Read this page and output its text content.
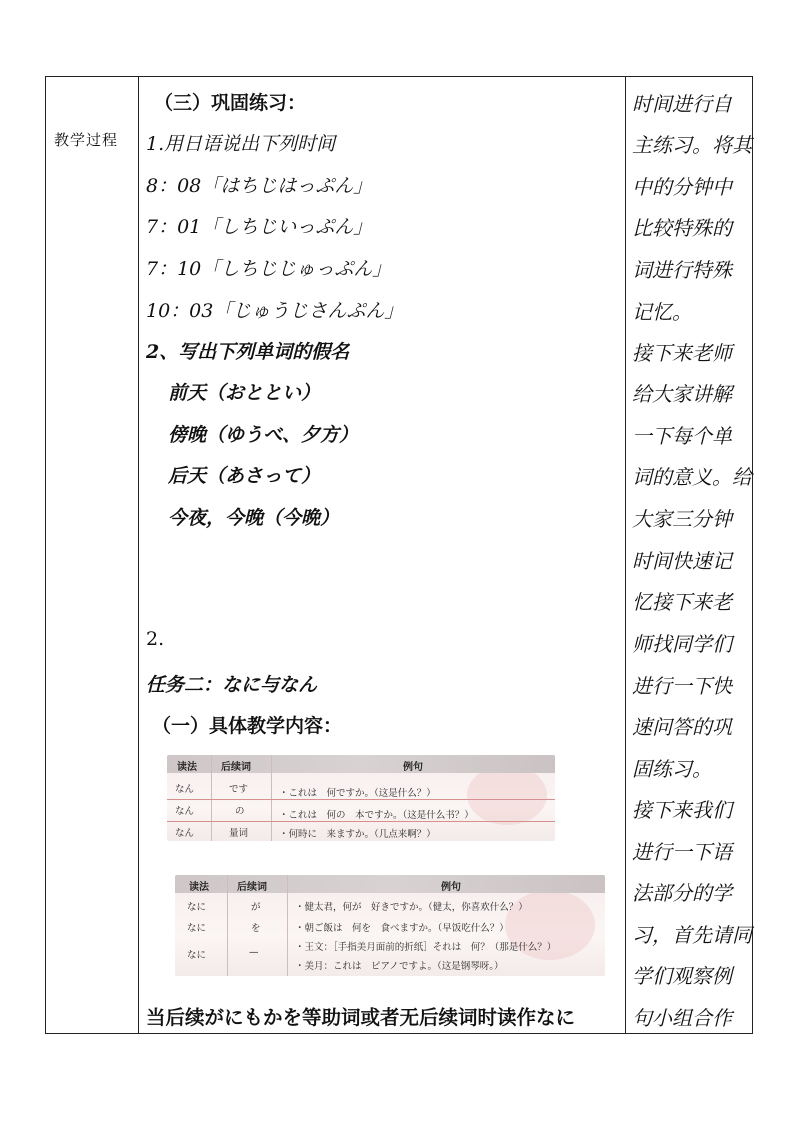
教学过程
（三）巩固练习：
1.用日语说出下列时间
8：08「はちじはっぷん」
7：01「しちじいっぷん」
7：10「しちじじゅっぷん」
10：03「じゅうじさんぷん」
2、写出下列单词的假名
前天（おととい）
傍晚（ゆうべ、夕方）
后天（あさって）
今夜，今晚（今晩）
2.
任务二：なに与なん
（一）具体教学内容：
当后续がにもかを等助词或者无后续词时读作なに
时间进行自
主练习。将其
中的分钟中
比较特殊的
词进行特殊
记忆。
接下来老师
给大家讲解
一下每个单
词的意义。给
大家三分钟
时间快速记
忆接下来老
师找同学们
进行一下快
速问答的巩
固练习。
接下来我们
进行一下语
法部分的学
习，首先请同
学们观察例
句小组合作
读法 后续词	例句
なん	です	・これは　何ですか。（这是什么？）
なん	の	・これは　何の　本ですか。（这是什么书？）
なん	量词	・何時に　来ますか。（几点来啊？）
读法	后续词	例句
なに	が	・健太君，何が　好きですか。（健太，你喜欢什么？）
なに	を	・朝ご飯は　何を　食べますか。（早饭吃什么？）
なに	—	・王文：［手指美月面前的折纸］それは　何？（那是什么？）
・美月：これは　ピアノですよ。（这是钢琴呀。）
